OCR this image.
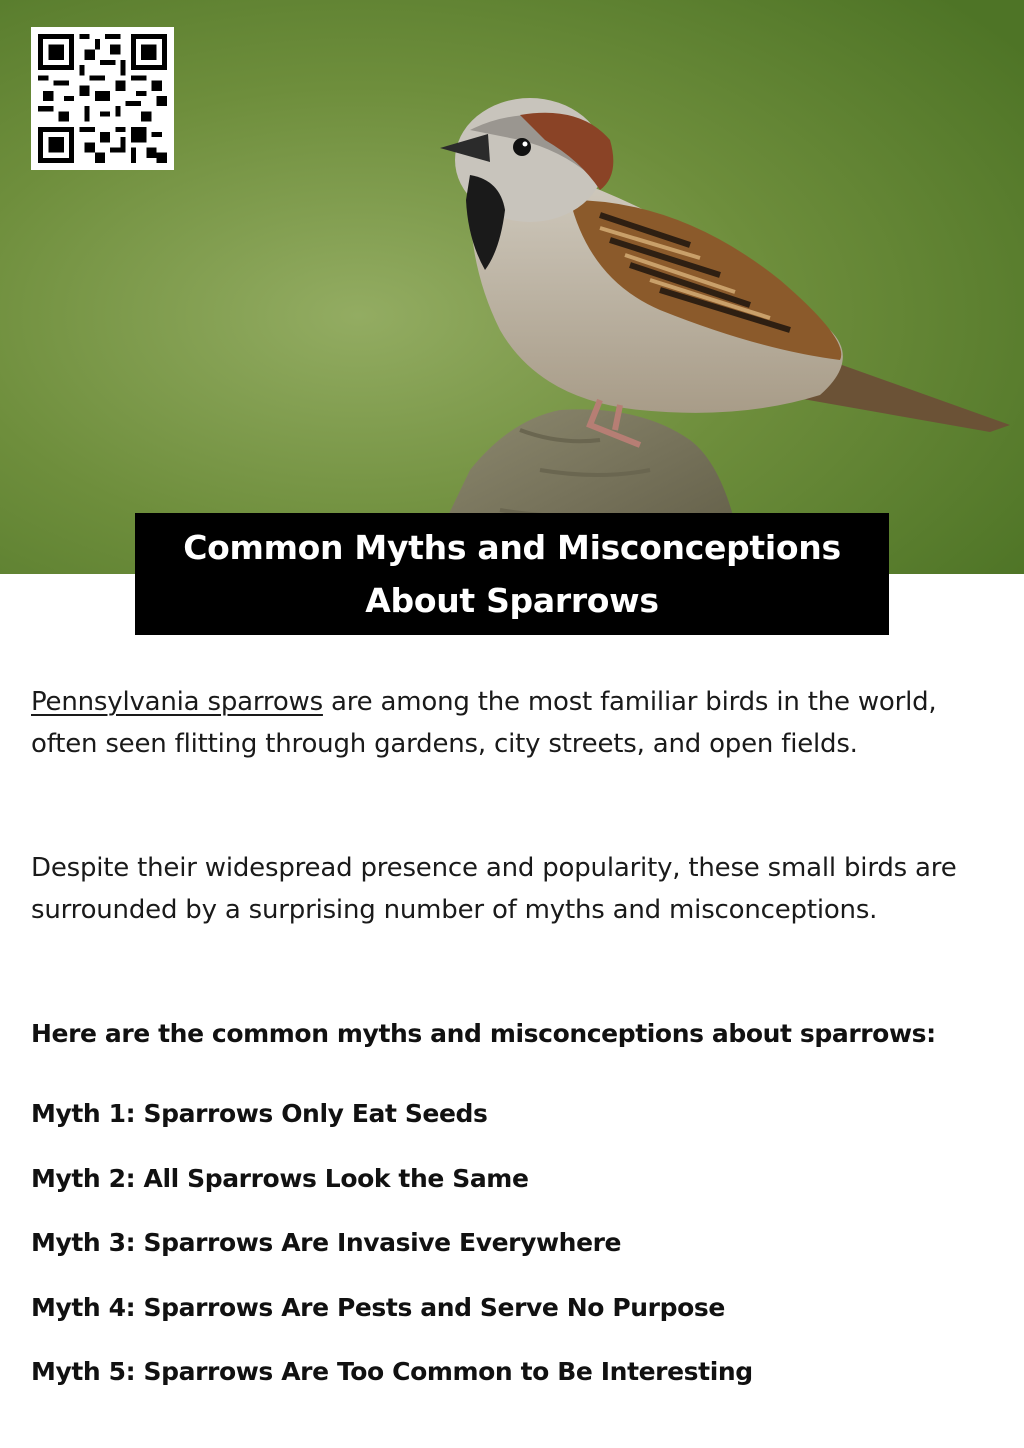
Common Myths and Misconceptions
About Sparrows

Pennsylvania sparrows are among the most familiar birds in the world, often seen flitting through gardens, city streets, and open fields.

Despite their widespread presence and popularity, these small birds are surrounded by a surprising number of myths and misconceptions.

Here are the common myths and misconceptions about sparrows:

Myth 1: Sparrows Only Eat Seeds
Myth 2: All Sparrows Look the Same
Myth 3: Sparrows Are Invasive Everywhere
Myth 4: Sparrows Are Pests and Serve No Purpose
Myth 5: Sparrows Are Too Common to Be Interesting
